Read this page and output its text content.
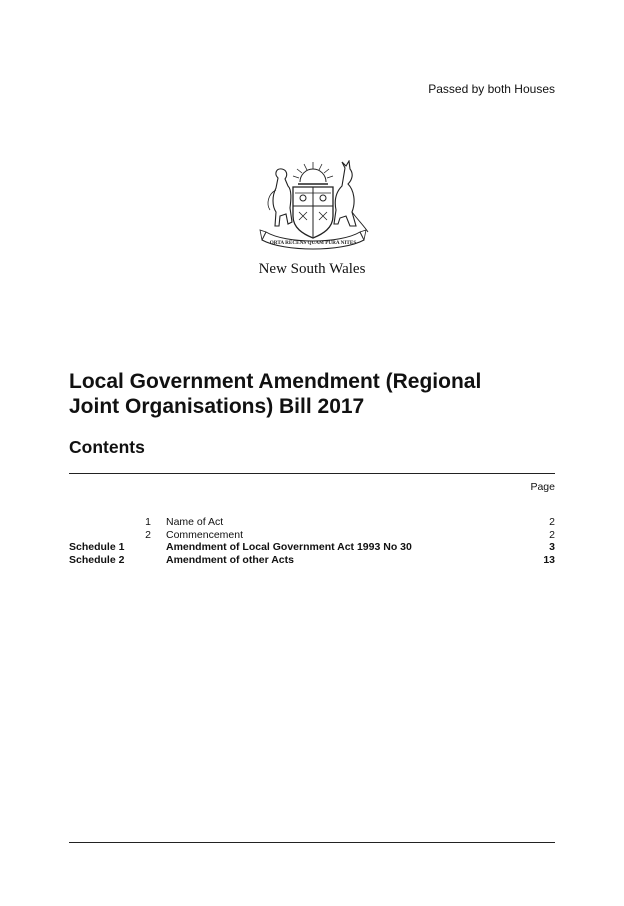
Passed by both Houses
ORTA RECENS QUAM PURA NITES
New South Wales
Local Government Amendment (Regional
Joint Organisations) Bill 2017
Contents
Page
1 Name of Act	2
2 Commencement	2
Schedule 1	Amendment of Local Government Act 1993 No 30	3
Schedule 2	Amendment of other Acts	13
